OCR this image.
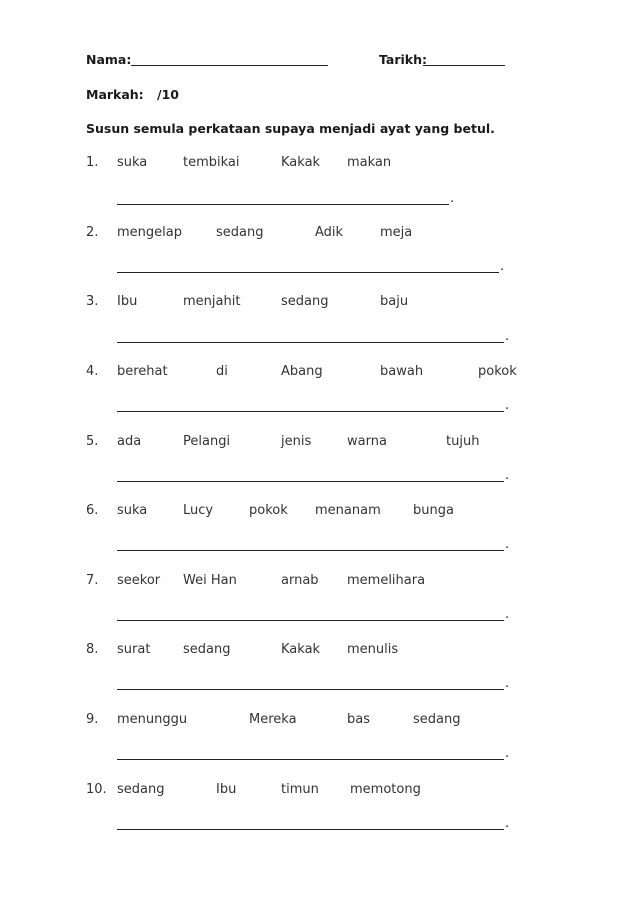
Nama:	Tarikh:
Markah: /10
Susun semula perkataan supaya menjadi ayat yang betul.
1. suka	tembikai	Kakak makan
.
2. mengelap	sedang	Adik	meja
.
3. Ibu	menjahit	sedang	baju
.
4. berehat	di	Abang	bawah	pokok
.
5. ada	Pelangi	jenis	warna	tujuh
.
6. suka	Lucy	pokok menanam bunga
.
7. seekor Wei Han	arnab memelihara
.
8. surat	sedang	Kakak menulis
.
9. menunggu	Mereka	bas	sedang
.
10. sedang	Ibu	timun memotong
.
